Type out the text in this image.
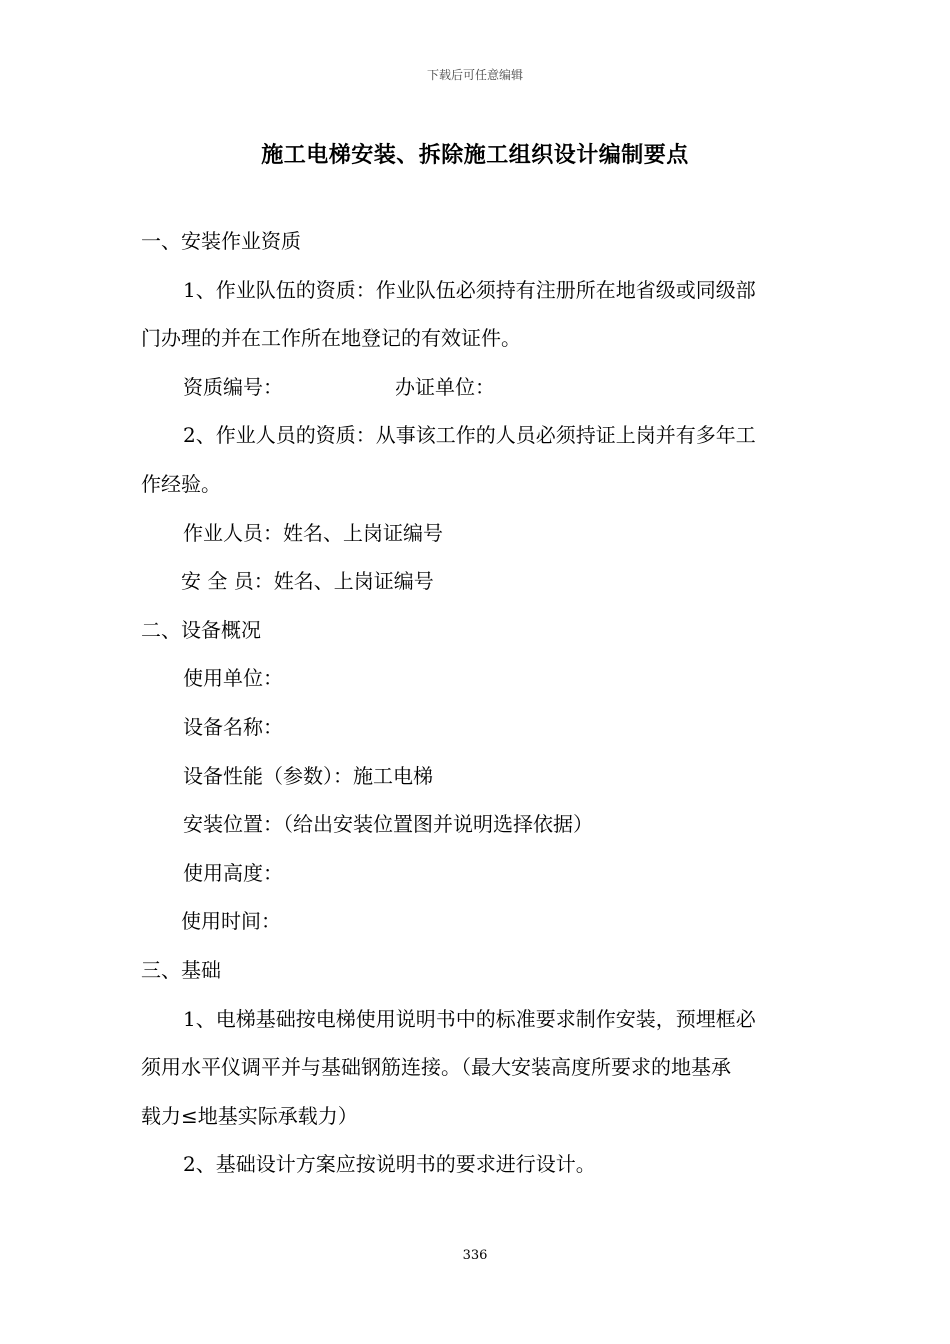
下载后可任意编辑
施工电梯安装、拆除施工组织设计编制要点
一、安装作业资质
1、作业队伍的资质：作业队伍必须持有注册所在地省级或同级部
门办理的并在工作所在地登记的有效证件。
资质编号：	办证单位：
2、作业人员的资质：从事该工作的人员必须持证上岗并有多年工
作经验。
作业人员：姓名、上岗证编号
安 全 员：姓名、上岗证编号
二、设备概况
使用单位：
设备名称：
设备性能（参数）：施工电梯
安装位置：（给出安装位置图并说明选择依据）
使用高度：
使用时间：
三、基础
1、电梯基础按电梯使用说明书中的标准要求制作安装，预埋框必
须用水平仪调平并与基础钢筋连接。（最大安装高度所要求的地基承
载力≤地基实际承载力）
2、基础设计方案应按说明书的要求进行设计。
336
